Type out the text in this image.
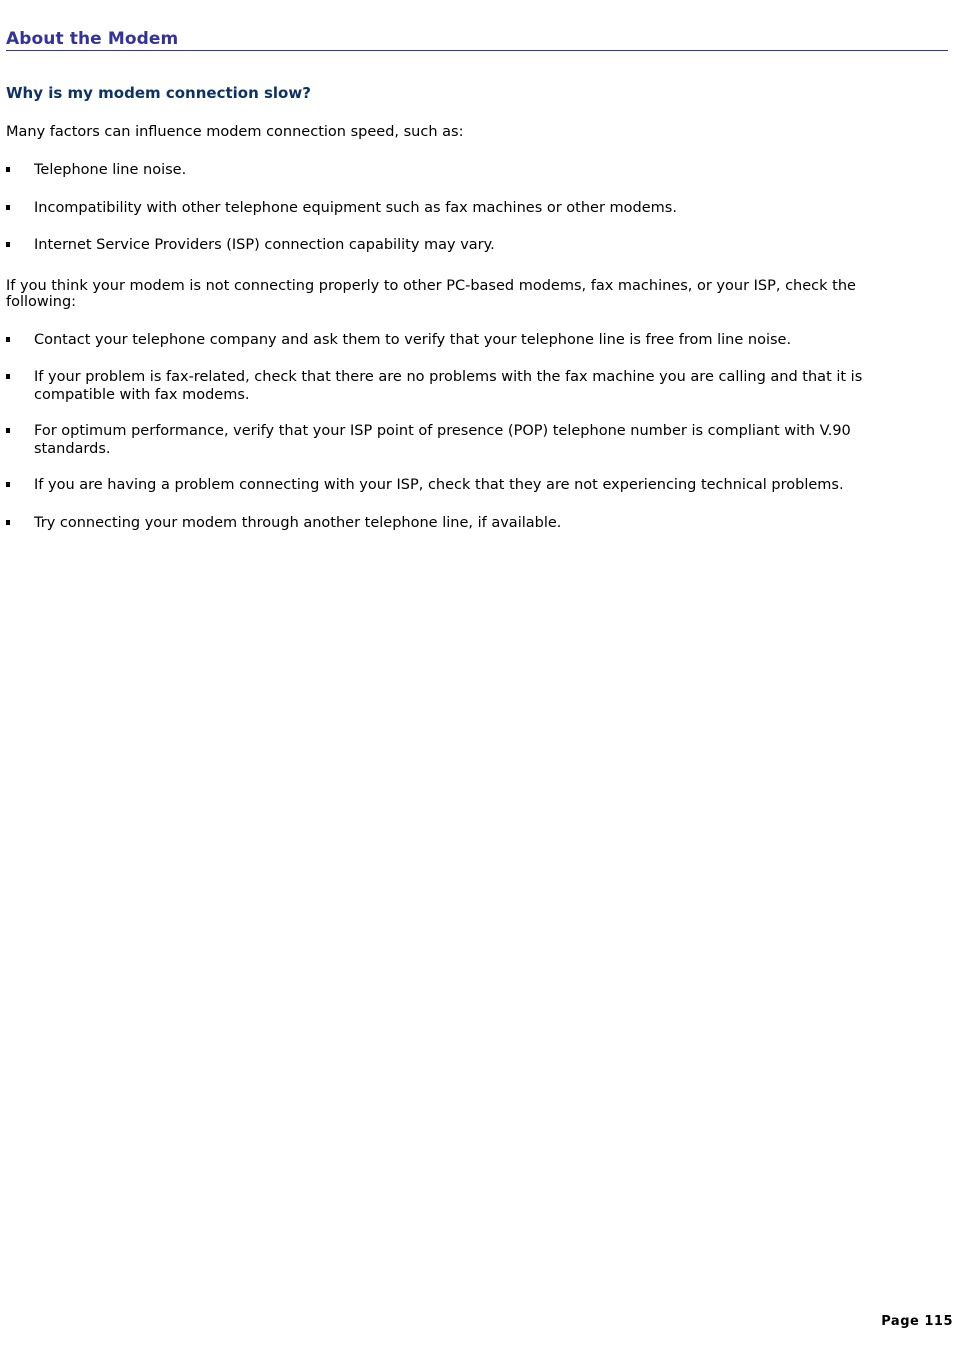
About the Modem
Why is my modem connection slow?
Many factors can influence modem connection speed, such as:
Telephone line noise.
Incompatibility with other telephone equipment such as fax machines or other modems.
Internet Service Providers (ISP) connection capability may vary.
If you think your modem is not connecting properly to other PC-based modems, fax machines, or your ISP, check the following:
Contact your telephone company and ask them to verify that your telephone line is free from line noise.
If your problem is fax-related, check that there are no problems with the fax machine you are calling and that it is compatible with fax modems.
For optimum performance, verify that your ISP point of presence (POP) telephone number is compliant with V.90 standards.
If you are having a problem connecting with your ISP, check that they are not experiencing technical problems.
Try connecting your modem through another telephone line, if available.
Page 115
